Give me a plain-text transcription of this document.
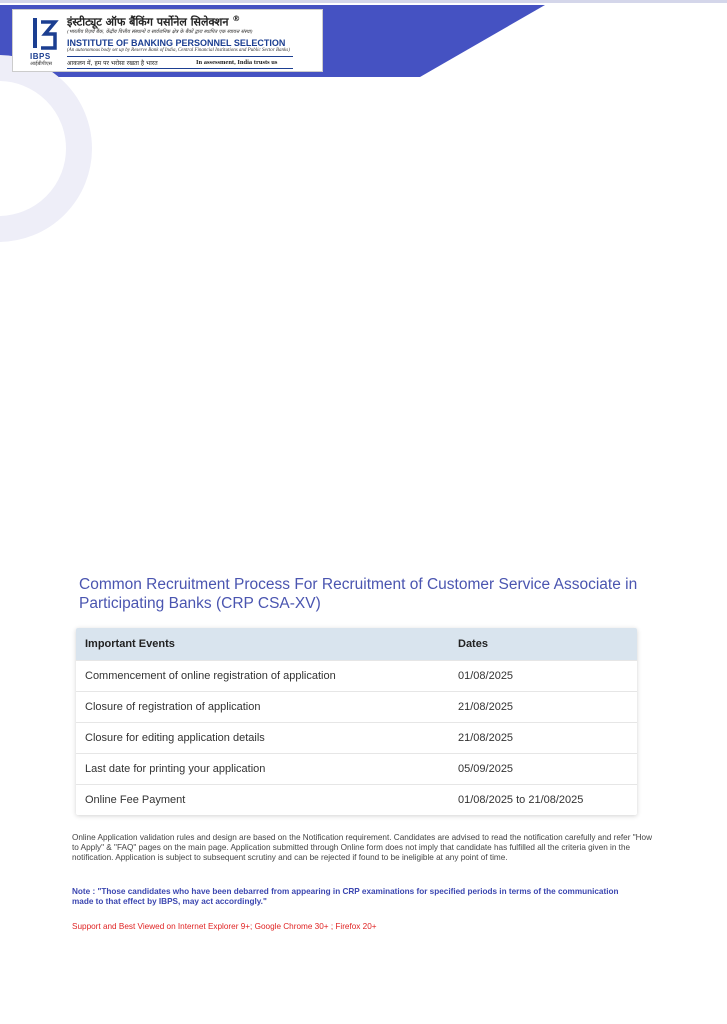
IBPS
आईबीपीएस
इंस्टीट्यूट ऑफ बैंकिंग पर्सोनेल सिलेक्शन ®
(भारतीय रिज़र्व बैंक, केंद्रीय वित्तीय संस्थानों व सार्वजनिक क्षेत्र के बैंकों द्वारा स्थापित एक स्वायत्त संस्था)
INSTITUTE OF BANKING PERSONNEL SELECTION
(An autonomous body set up by Reserve Bank of India, Central Financial Institutions and Public Sector Banks)
आकलन में, हम पर भरोसा रखता है भारत	In assessment, India trusts us
Common Recruitment Process For Recruitment of Customer Service Associate in Participating Banks (CRP CSA-XV)
Important Events	Dates
Commencement of online registration of application	01/08/2025
Closure of registration of application	21/08/2025
Closure for editing application details	21/08/2025
Last date for printing your application	05/09/2025
Online Fee Payment	01/08/2025 to 21/08/2025

Online Application validation rules and design are based on the Notification requirement. Candidates are advised to read the notification carefully and refer "How to Apply" & "FAQ" pages on the main page. Application submitted through Online form does not imply that candidate has fulfilled all the criteria given in the notification. Application is subject to subsequent scrutiny and can be rejected if found to be ineligible at any point of time.

Note : "Those candidates who have been debarred from appearing in CRP examinations for specified periods in terms of the communication made to that effect by IBPS, may act accordingly."

Support and Best Viewed on Internet Explorer 9+; Google Chrome 30+ ; Firefox 20+
